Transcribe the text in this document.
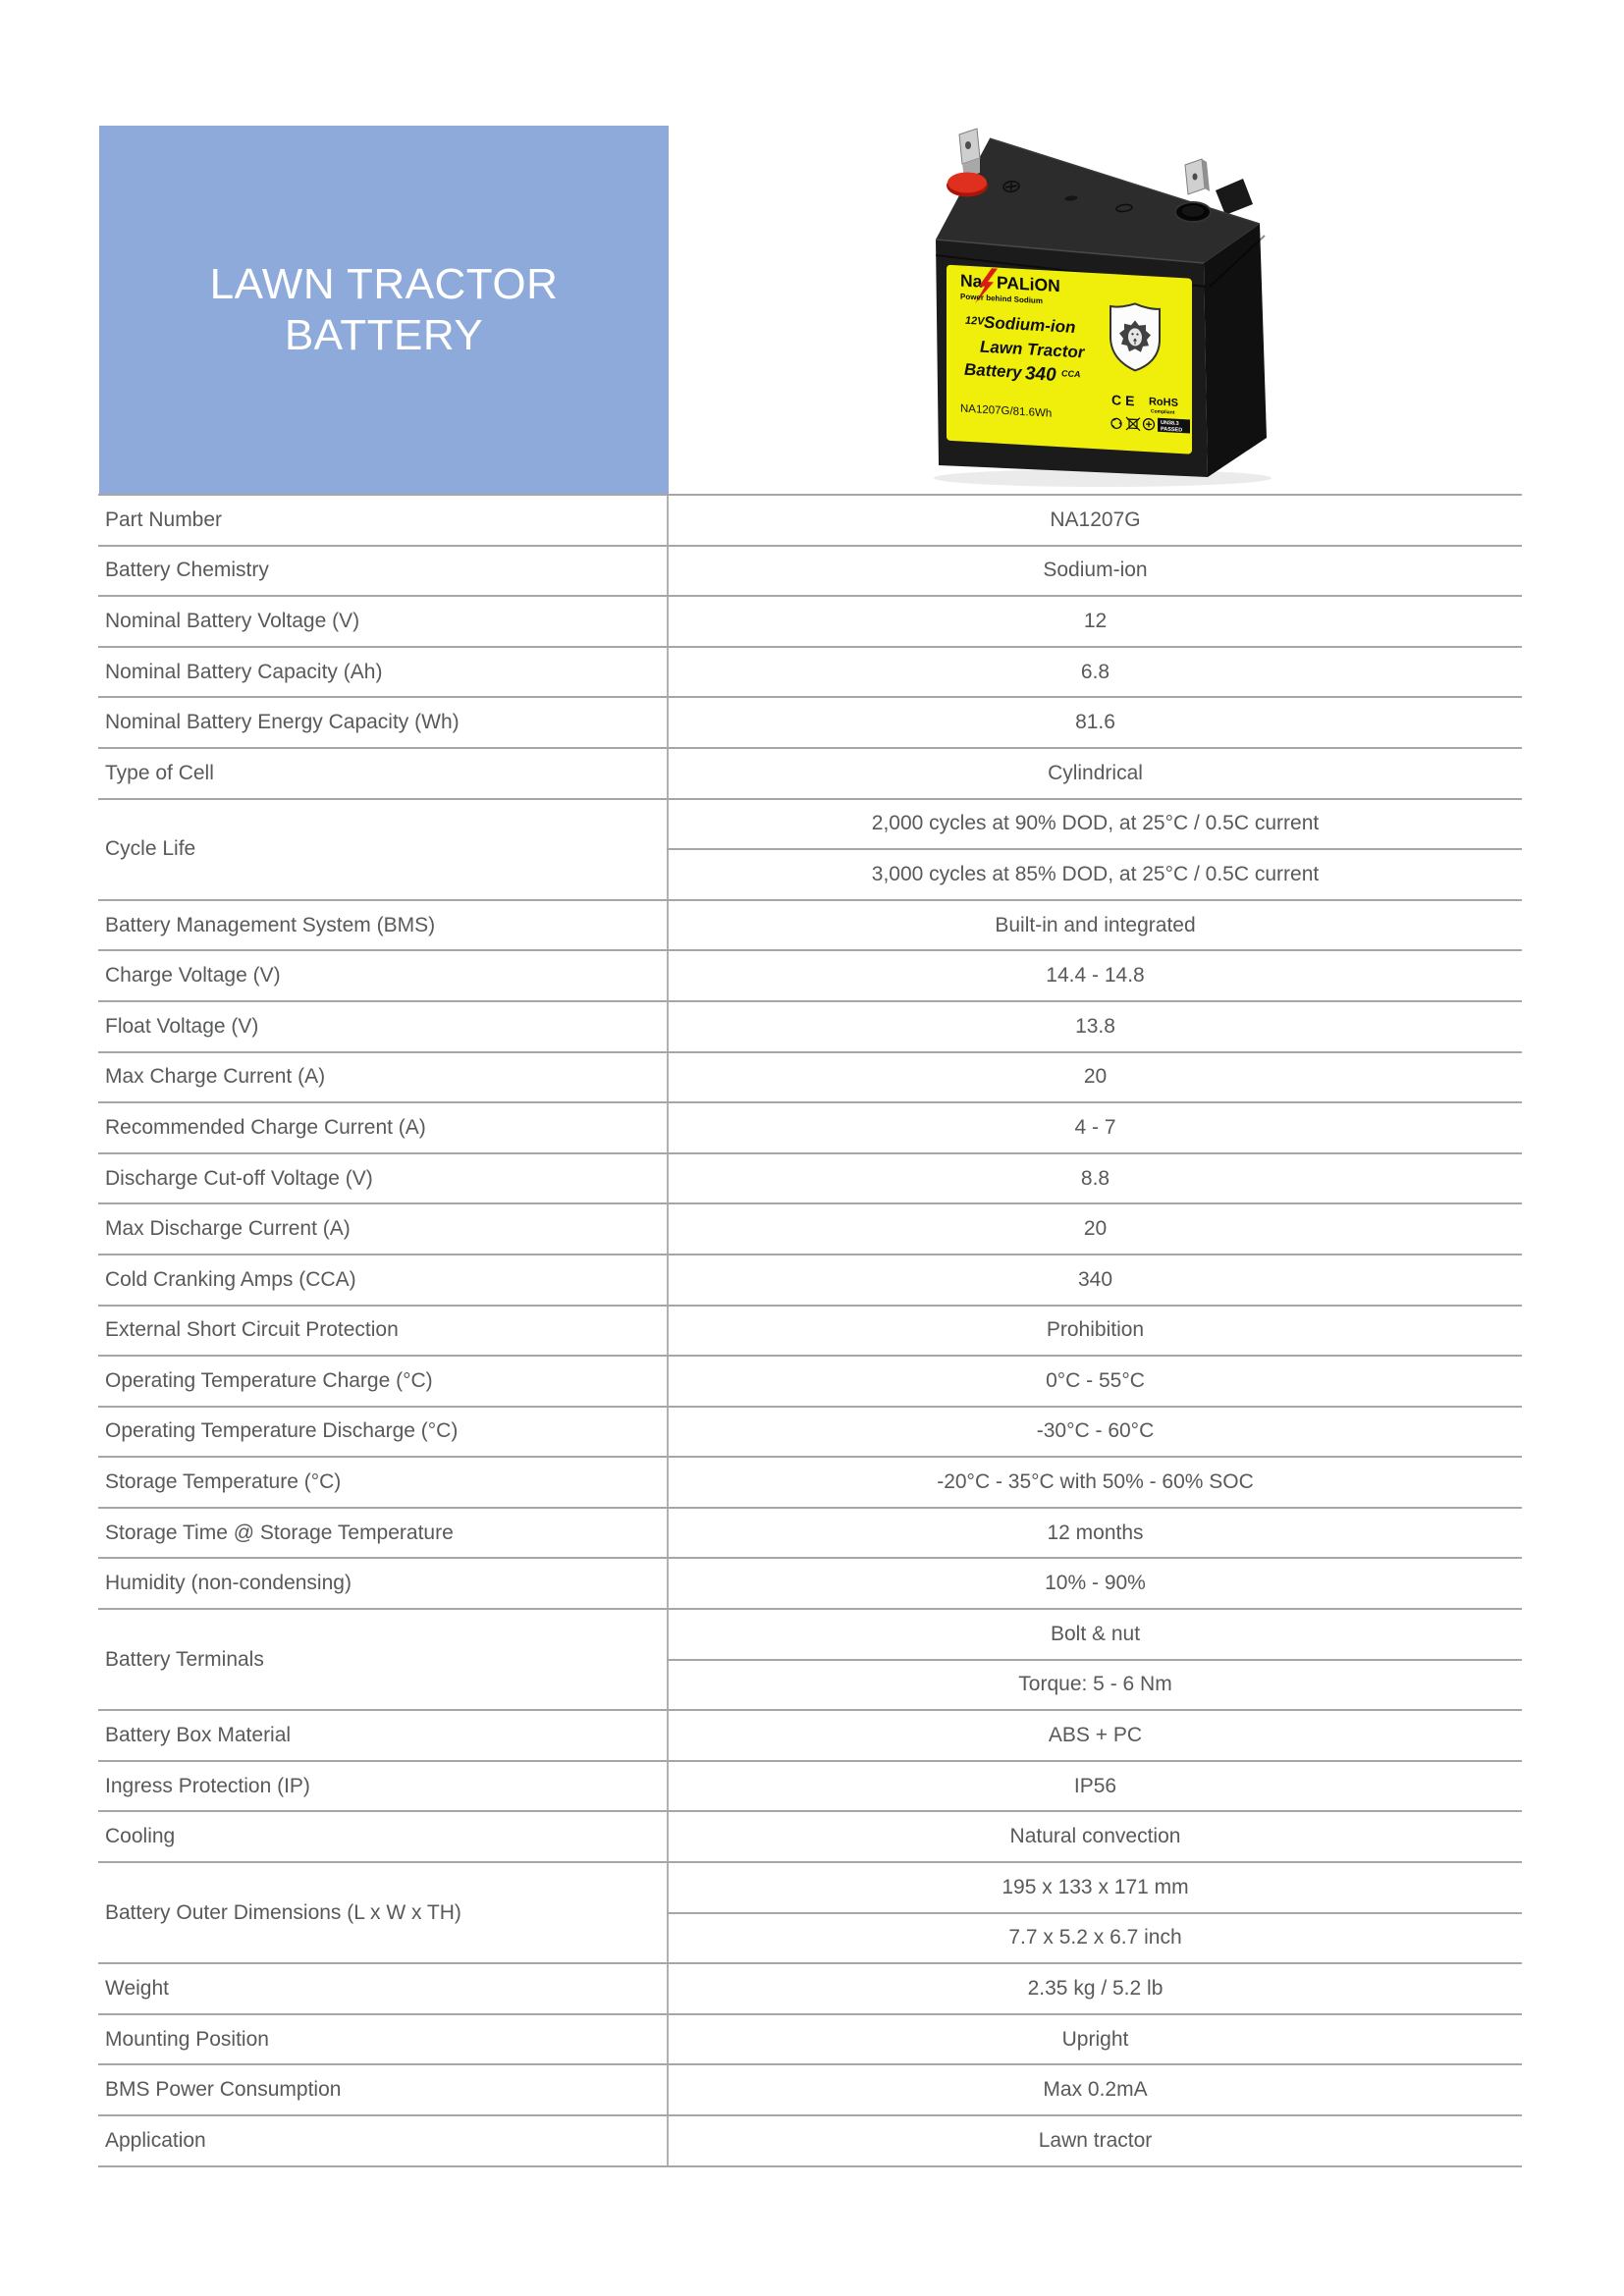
LAWN TRACTOR
BATTERY
Na PALiON
Power behind Sodium
12V Sodium-ion
Lawn Tractor
Battery 340 CCA
NA1207G/81.6Wh
CE RoHS
Compliant
UN38.3
PASSED
Part Number	NA1207G
Battery Chemistry	Sodium-ion
Nominal Battery Voltage (V)	12
Nominal Battery Capacity (Ah)	6.8
Nominal Battery Energy Capacity (Wh)	81.6
Type of Cell	Cylindrical
Cycle Life	2,000 cycles at 90% DOD, at 25°C / 0.5C current
	3,000 cycles at 85% DOD, at 25°C / 0.5C current
Battery Management System (BMS)	Built-in and integrated
Charge Voltage (V)	14.4 - 14.8
Float Voltage (V)	13.8
Max Charge Current (A)	20
Recommended Charge Current (A)	4 - 7
Discharge Cut-off Voltage (V)	8.8
Max Discharge Current (A)	20
Cold Cranking Amps (CCA)	340
External Short Circuit Protection	Prohibition
Operating Temperature Charge (°C)	0°C - 55°C
Operating Temperature Discharge (°C)	-30°C - 60°C
Storage Temperature (°C)	-20°C - 35°C with 50% - 60% SOC
Storage Time @ Storage Temperature	12 months
Humidity (non-condensing)	10% - 90%
Battery Terminals	Bolt & nut
	Torque: 5 - 6 Nm
Battery Box Material	ABS + PC
Ingress Protection (IP)	IP56
Cooling	Natural convection
Battery Outer Dimensions (L x W x TH)	195 x 133 x 171 mm
	7.7 x 5.2 x 6.7 inch
Weight	2.35 kg / 5.2 lb
Mounting Position	Upright
BMS Power Consumption	Max 0.2mA
Application	Lawn tractor
